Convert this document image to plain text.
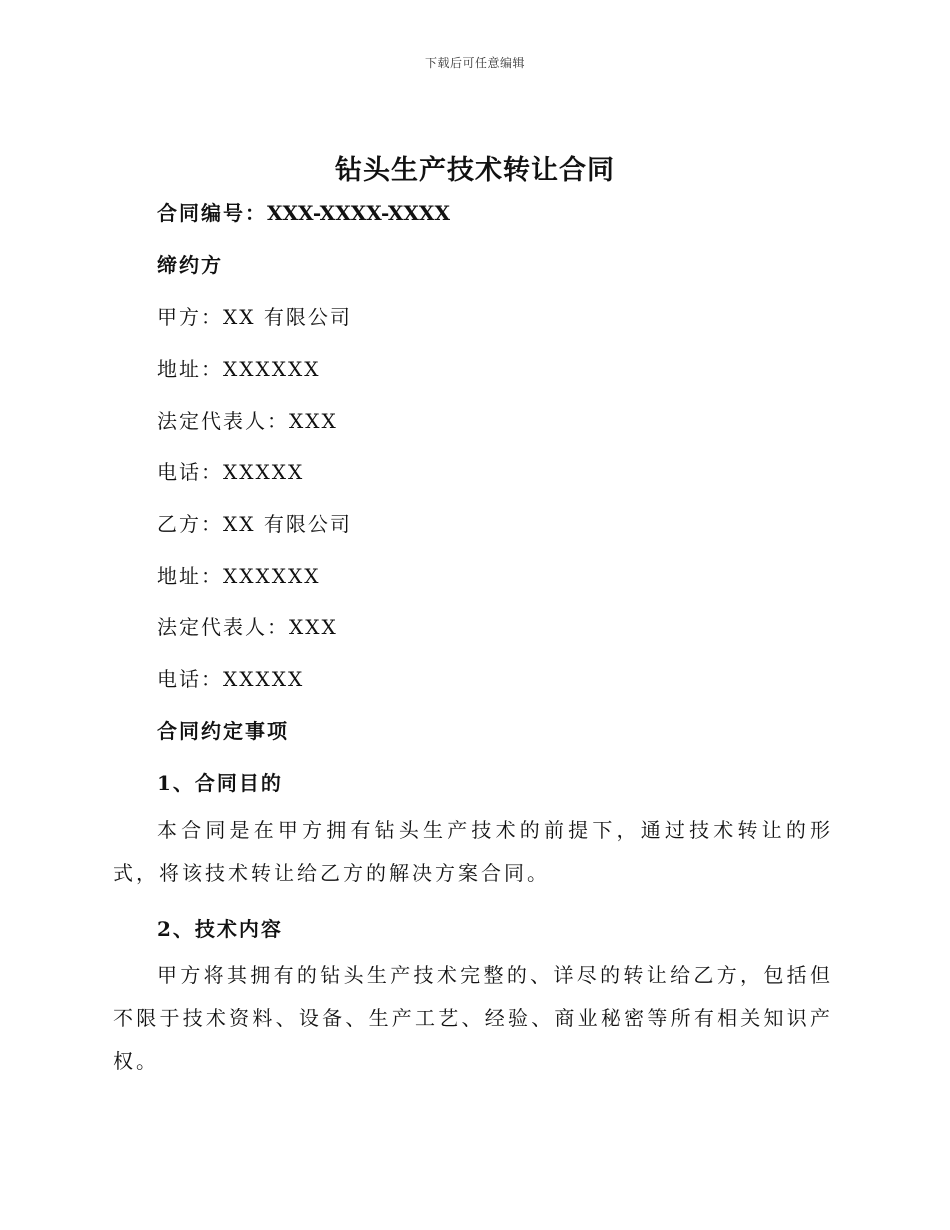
下载后可任意编辑
钻头生产技术转让合同
合同编号：XXX-XXXX-XXXX
缔约方
甲方：XX 有限公司
地址：XXXXXX
法定代表人：XXX
电话：XXXXX
乙方：XX 有限公司
地址：XXXXXX
法定代表人：XXX
电话：XXXXX
合同约定事项
1、合同目的
本合同是在甲方拥有钻头生产技术的前提下，通过技术转让的形式，将该技术转让给乙方的解决方案合同。
2、技术内容
甲方将其拥有的钻头生产技术完整的、详尽的转让给乙方，包括但不限于技术资料、设备、生产工艺、经验、商业秘密等所有相关知识产权。
